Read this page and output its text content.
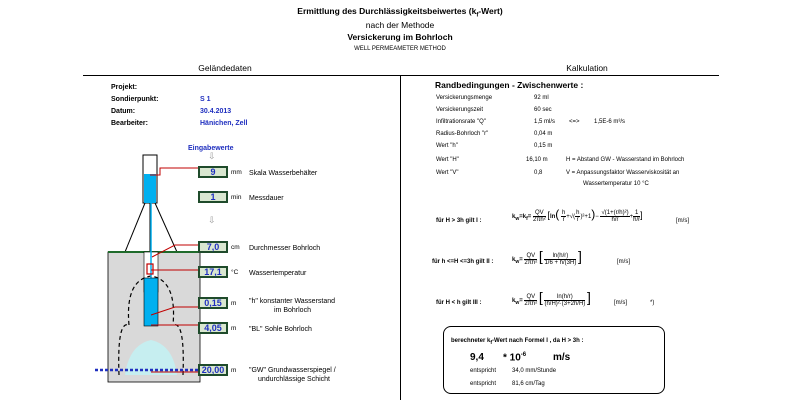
Ermittlung des Durchlässigkeitsbeiwertes $(k_f-Wert)$
nach der Methode
Versickerung im Bohrloch
WELL PERMEAMETER METHOD
Geländedaten	Kalkulation
Projekt:
Sondierpunkt:	S 1
Datum:	30.4.2013
Bearbeiter:	Hänichen, Zell
Eingabewerte
⇩
⇩
9	mm Skala Wasserbehälter
1	min Messdauer
7,0	cm Durchmesser Bohrloch
17,1	°C Wassertemperatur
0,15	m "h" konstanter Wasserstand
im Bohrloch
4,05	m "BL" Sohle Bohrloch
20,00	m "GW" Grundwasserspiegel /
undurchlässige Schicht
Randbedingungen - Zwischenwerte :
Versickerungsmenge	92 ml
Versickerungszeit	60 sec
Infiltrationsrate "Q"	1,5 ml/s <=> 1,5E-6 m³/s
Radius-Bohrloch "r"	0,04 m
Wert "h"	0,15 m
Wert "H"	16,10 m	H = Abstand GW - Wasserstand im Bohrloch
Wert "V"	0,8	V = Anpassungsfaktor Wasserviskosität an
Wassertemperatur 10 °C
für H > 3h gilt I :
$k_w=k_f= \frac{QV}{\text{2πh²}} [\ln( \frac{h}{r}$ +√( $\frac{h}{r} )^2+1)- \frac{\text{√(1+(r/h)²)}}{h/r} + \frac{1}{h/r}$ ]
[m/s]
für h <=H <=3h gilt II :	$k_w= \frac{QV}{\text{2πh²}}$ [ $\frac{\ln(h/r)}{1/6 + h/(3H)}$ ]	[m/s]
für H < h gilt III :	$k_w= \frac{QV}{\text{2πh²}}$ [ $\frac{\ln(h/r)}{\text{(h/H)²·(3+2h/H)}}$ ]	[m/s]	*)
berechneter $k_f$-Wert nach Formel I , da H > 3h :
$9,4 * 10^{-6}$	m/s
entspricht	34,0 mm/Stunde
entspricht	81,6 cm/Tag
